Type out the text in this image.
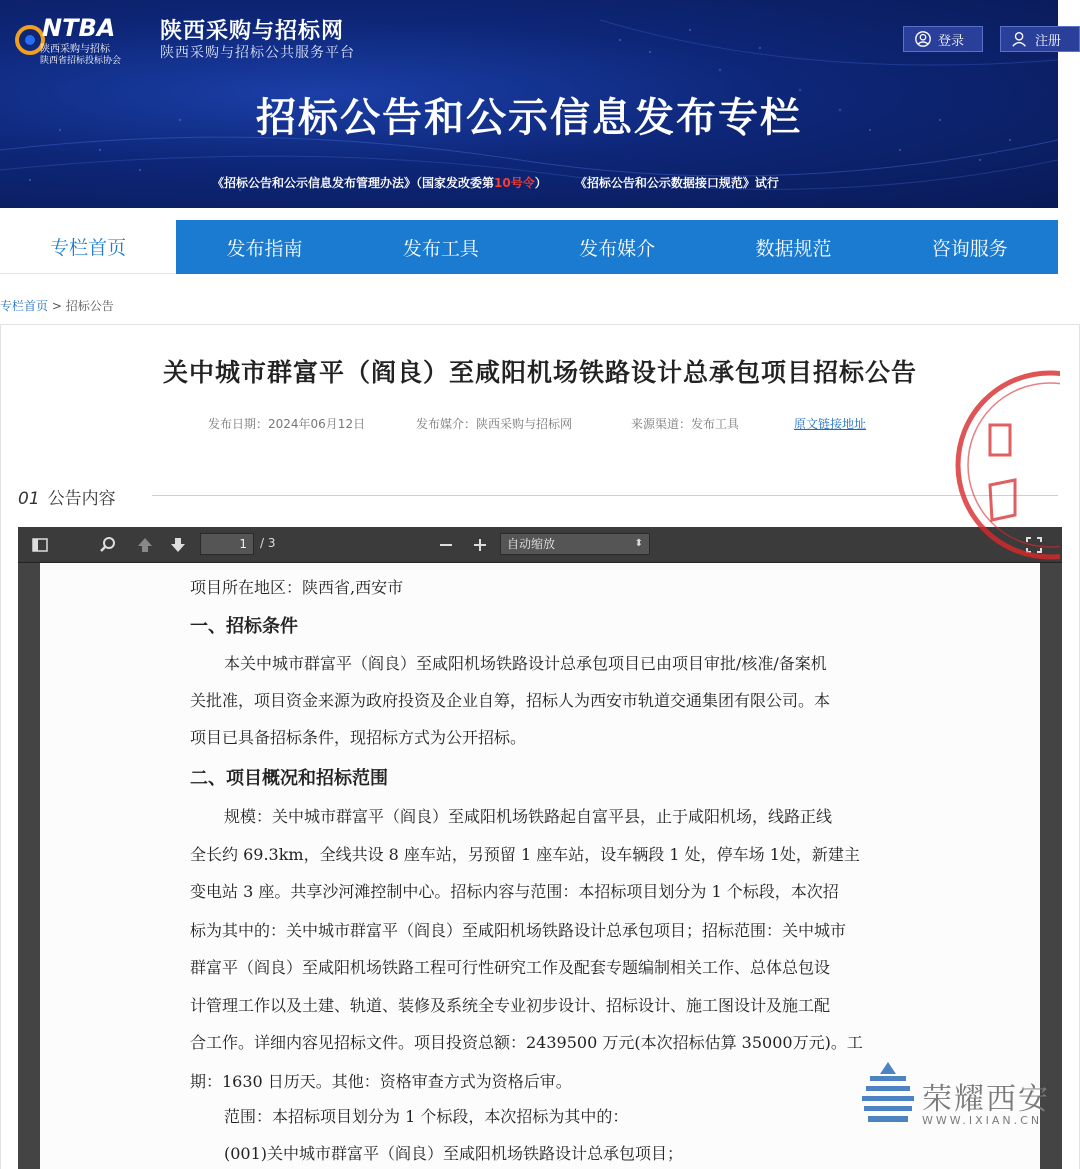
NTBA
陕西采购与招标
陕西省招标投标协会
陕西采购与招标网
陕西采购与招标公共服务平台
招标公告和公示信息发布专栏
《招标公告和公示信息发布管理办法》（国家发改委第10号令） 《招标公告和公示数据接口规范》试行
登录	注册
专栏首页	发布指南	发布工具	发布媒介	数据规范	咨询服务
专栏首页 > 招标公告
关中城市群富平（阎良）至咸阳机场铁路设计总承包项目招标公告
发布日期：2024年06月12日	发布媒介：陕西采购与招标网	来源渠道：发布工具	原文链接地址
01 公告内容
1	/ 3	自动缩放	⬍
项目所在地区：陕西省,西安市
一、招标条件
本关中城市群富平（阎良）至咸阳机场铁路设计总承包项目已由项目审批/核准/备案机
关批准，项目资金来源为政府投资及企业自筹，招标人为西安市轨道交通集团有限公司。本
项目已具备招标条件，现招标方式为公开招标。
二、项目概况和招标范围
规模：关中城市群富平（阎良）至咸阳机场铁路起自富平县，止于咸阳机场，线路正线
全长约 69.3km，全线共设 8 座车站，另预留 1 座车站，设车辆段 1 处，停车场 1处，新建主
变电站 3 座。共享沙河滩控制中心。招标内容与范围：本招标项目划分为 1 个标段，本次招
标为其中的：关中城市群富平（阎良）至咸阳机场铁路设计总承包项目；招标范围：关中城市
群富平（阎良）至咸阳机场铁路工程可行性研究工作及配套专题编制相关工作、总体总包设
计管理工作以及土建、轨道、装修及系统全专业初步设计、招标设计、施工图设计及施工配
合工作。详细内容见招标文件。项目投资总额：2439500 万元(本次招标估算 35000万元)。工
期：1630 日历天。其他：资格审查方式为资格后审。
范围：本招标项目划分为 1 个标段，本次招标为其中的：
(001)关中城市群富平（阎良）至咸阳机场铁路设计总承包项目；
荣耀西安
WWW.IXIAN.CN
